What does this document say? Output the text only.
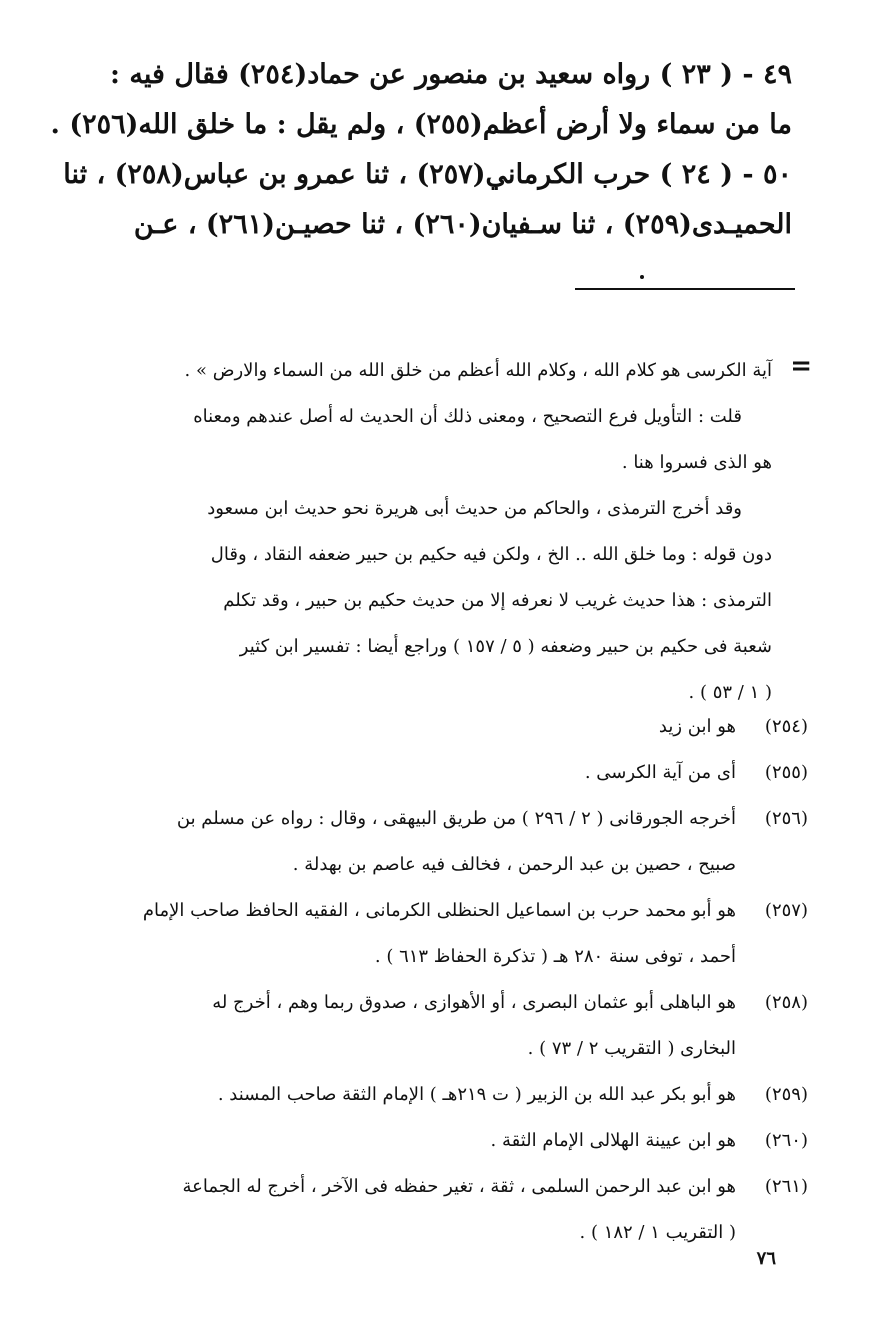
٤٩ - ( ٢٣ ) رواه سعيد بن منصور عن حماد(٢٥٤) فقال فيه :
ما من سماء ولا أرض أعظم(٢٥٥) ، ولم يقل : ما خلق الله(٢٥٦) .
٥٠ - ( ٢٤ ) حرب الكرماني(٢٥٧) ، ثنا عمرو بن عباس(٢٥٨) ، ثنا
الحميـدى(٢٥٩) ، ثنا سـفيان(٢٦٠) ، ثنا حصيـن(٢٦١) ، عـن
=
آية الكرسى هو كلام الله ، وكلام الله أعظم من خلق الله من السماء والارض » .
قلت : التأويل فرع التصحيح ، ومعنى ذلك أن الحديث له أصل عندهم ومعناه
هو الذى فسروا هنا .
وقد أخرج الترمذى ، والحاكم من حديث أبى هريرة نحو حديث ابن مسعود
دون قوله : وما خلق الله .. الخ ، ولكن فيه حكيم بن حبير ضعفه النقاد ، وقال
الترمذى : هذا حديث غريب لا نعرفه إلا من حديث حكيم بن حبير ، وقد تكلم
شعبة فى حكيم بن حبير وضعفه ( ٥ / ١٥٧ ) وراجع أيضا : تفسير ابن كثير
( ١ / ٥٣ ) .
(٢٥٤)
هو ابن زيد
(٢٥٥)
أى من آية الكرسى .
(٢٥٦)
أخرجه الجورقانى ( ٢ / ٢٩٦ ) من طريق البيهقى ، وقال : رواه عن مسلم بن
صبيح ، حصين بن عبد الرحمن ، فخالف فيه عاصم بن بهدلة .
(٢٥٧)
هو أبو محمد حرب بن اسماعيل الحنظلى الكرمانى ، الفقيه الحافظ صاحب الإمام
أحمد ، توفى سنة ٢٨٠ هـ ( تذكرة الحفاظ ٦١٣ ) .
(٢٥٨)
هو الباهلى أبو عثمان البصرى ، أو الأهوازى ، صدوق ربما وهم ، أخرج له
البخارى ( التقريب ٢ / ٧٣ ) .
(٢٥٩)
هو أبو بكر عبد الله بن الزبير ( ت ٢١٩هـ ) الإمام الثقة صاحب المسند .
(٢٦٠)
هو ابن عيينة الهلالى الإمام الثقة .
(٢٦١)
هو ابن عبد الرحمن السلمى ، ثقة ، تغير حفظه فى الآخر ، أخرج له الجماعة
( التقريب ١ / ١٨٢ ) .
٧٦
